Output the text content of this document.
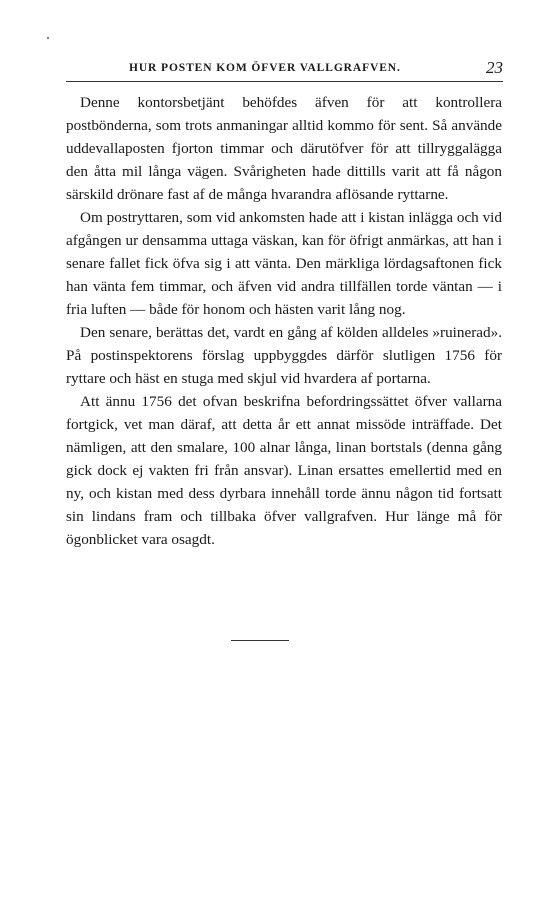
HUR POSTEN KOM ÖFVER VALLGRAFVEN.	23

Denne kontorsbetjänt behöfdes äfven för att kontrollera postbönderna, som trots anmaningar alltid kommo för sent. Så använde uddevallaposten fjorton timmar och därutöfver för att tillryggalägga den åtta mil långa vägen. Svårigheten hade dittills varit att få någon särskild drönare fast af de många hvarandra aflösande ryttarne.

Om postryttaren, som vid ankomsten hade att i kistan inlägga och vid afgången ur densamma uttaga väskan, kan för öfrigt anmärkas, att han i senare fallet fick öfva sig i att vänta. Den märkliga lördagsaftonen fick han vänta fem timmar, och äfven vid andra tillfällen torde väntan — i fria luften — både för honom och hästen varit lång nog.

Den senare, berättas det, vardt en gång af kölden alldeles »ruinerad». På postinspektorens förslag uppbyggdes därför slutligen 1756 för ryttare och häst en stuga med skjul vid hvardera af portarna.

Att ännu 1756 det ofvan beskrifna befordringssättet öfver vallarna fortgick, vet man däraf, att detta år ett annat missöde inträffade. Det nämligen, att den smalare, 100 alnar långa, linan bortstals (denna gång gick dock ej vakten fri från ansvar). Linan ersattes emellertid med en ny, och kistan med dess dyrbara innehåll torde ännu någon tid fortsatt sin lindans fram och tillbaka öfver vallgrafven. Hur länge må för ögonblicket vara osagdt.
